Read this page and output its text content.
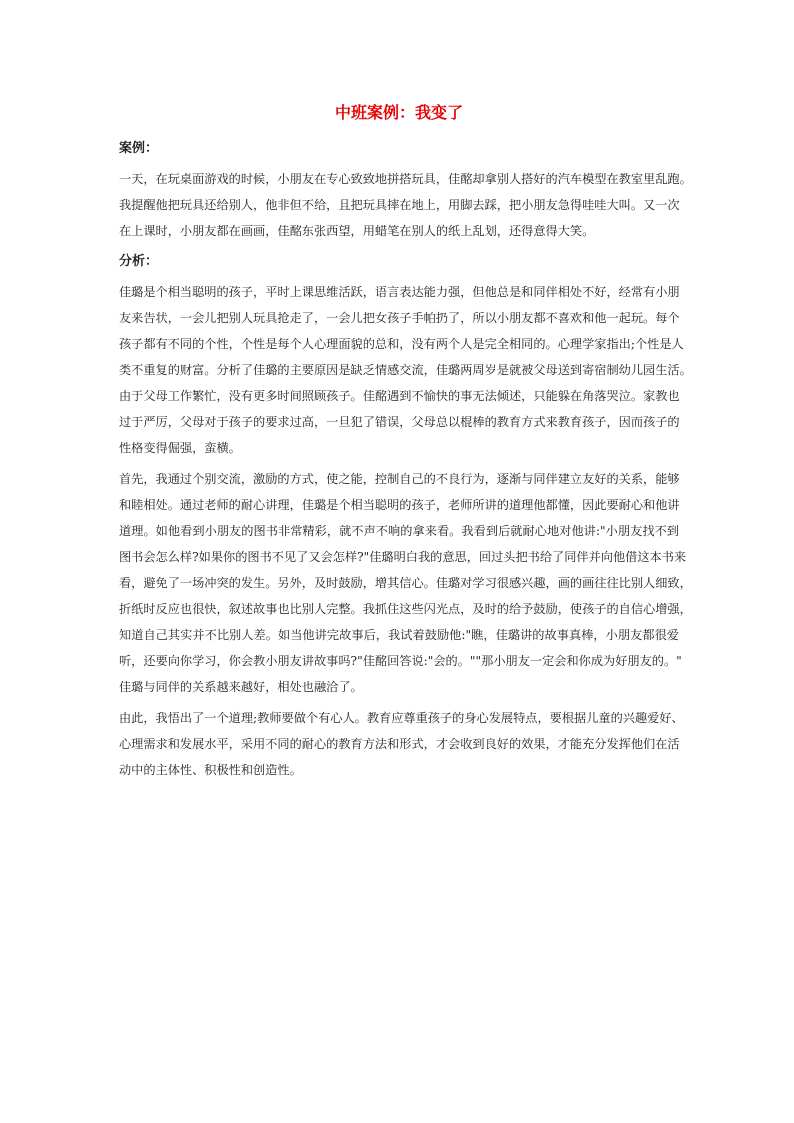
中班案例：我变了
案例：
一天，在玩桌面游戏的时候，小朋友在专心致致地拼搭玩具，佳酩却拿别人搭好的汽车模型在教室里乱跑。
我提醒他把玩具还给别人，他非但不给，且把玩具摔在地上，用脚去踩，把小朋友急得哇哇大叫。又一次
在上课时，小朋友都在画画，佳酩东张西望，用蜡笔在别人的纸上乱划，还得意得大笑。
分析：
佳璐是个相当聪明的孩子，平时上课思维活跃，语言表达能力强，但他总是和同伴相处不好，经常有小朋
友来告状，一会儿把别人玩具抢走了，一会儿把女孩子手帕扔了，所以小朋友都不喜欢和他一起玩。每个
孩子都有不同的个性，个性是每个人心理面貌的总和，没有两个人是完全相同的。心理学家指出;个性是人
类不重复的财富。分析了佳璐的主要原因是缺乏情感交流，佳璐两周岁是就被父母送到寄宿制幼儿园生活。
由于父母工作繁忙，没有更多时间照顾孩子。佳酩遇到不愉快的事无法倾述，只能躲在角落哭泣。家教也
过于严厉，父母对于孩子的要求过高，一旦犯了错误，父母总以棍棒的教育方式来教育孩子，因而孩子的
性格变得倔强，蛮横。
首先，我通过个别交流，激励的方式，使之能，控制自己的不良行为，逐渐与同伴建立友好的关系，能够
和睦相处。通过老师的耐心讲理，佳璐是个相当聪明的孩子，老师所讲的道理他都懂，因此要耐心和他讲
道理。如他看到小朋友的图书非常精彩，就不声不响的拿来看。我看到后就耐心地对他讲:"小朋友找不到
图书会怎么样?如果你的图书不见了又会怎样?"佳璐明白我的意思，回过头把书给了同伴并向他借这本书来
看，避免了一场冲突的发生。另外，及时鼓励，增其信心。佳璐对学习很感兴趣，画的画往往比别人细致，
折纸时反应也很快，叙述故事也比别人完整。我抓住这些闪光点，及时的给予鼓励，使孩子的自信心增强，
知道自己其实并不比别人差。如当他讲完故事后，我试着鼓励他:"瞧，佳璐讲的故事真棒，小朋友都很爱
听，还要向你学习，你会教小朋友讲故事吗?"佳酩回答说:"会的。""那小朋友一定会和你成为好朋友的。"
佳璐与同伴的关系越来越好，相处也融洽了。
由此，我悟出了一个道理;教师要做个有心人。教育应尊重孩子的身心发展特点，要根据儿童的兴趣爱好、
心理需求和发展水平，采用不同的耐心的教育方法和形式，才会收到良好的效果，才能充分发挥他们在活
动中的主体性、积极性和创造性。
